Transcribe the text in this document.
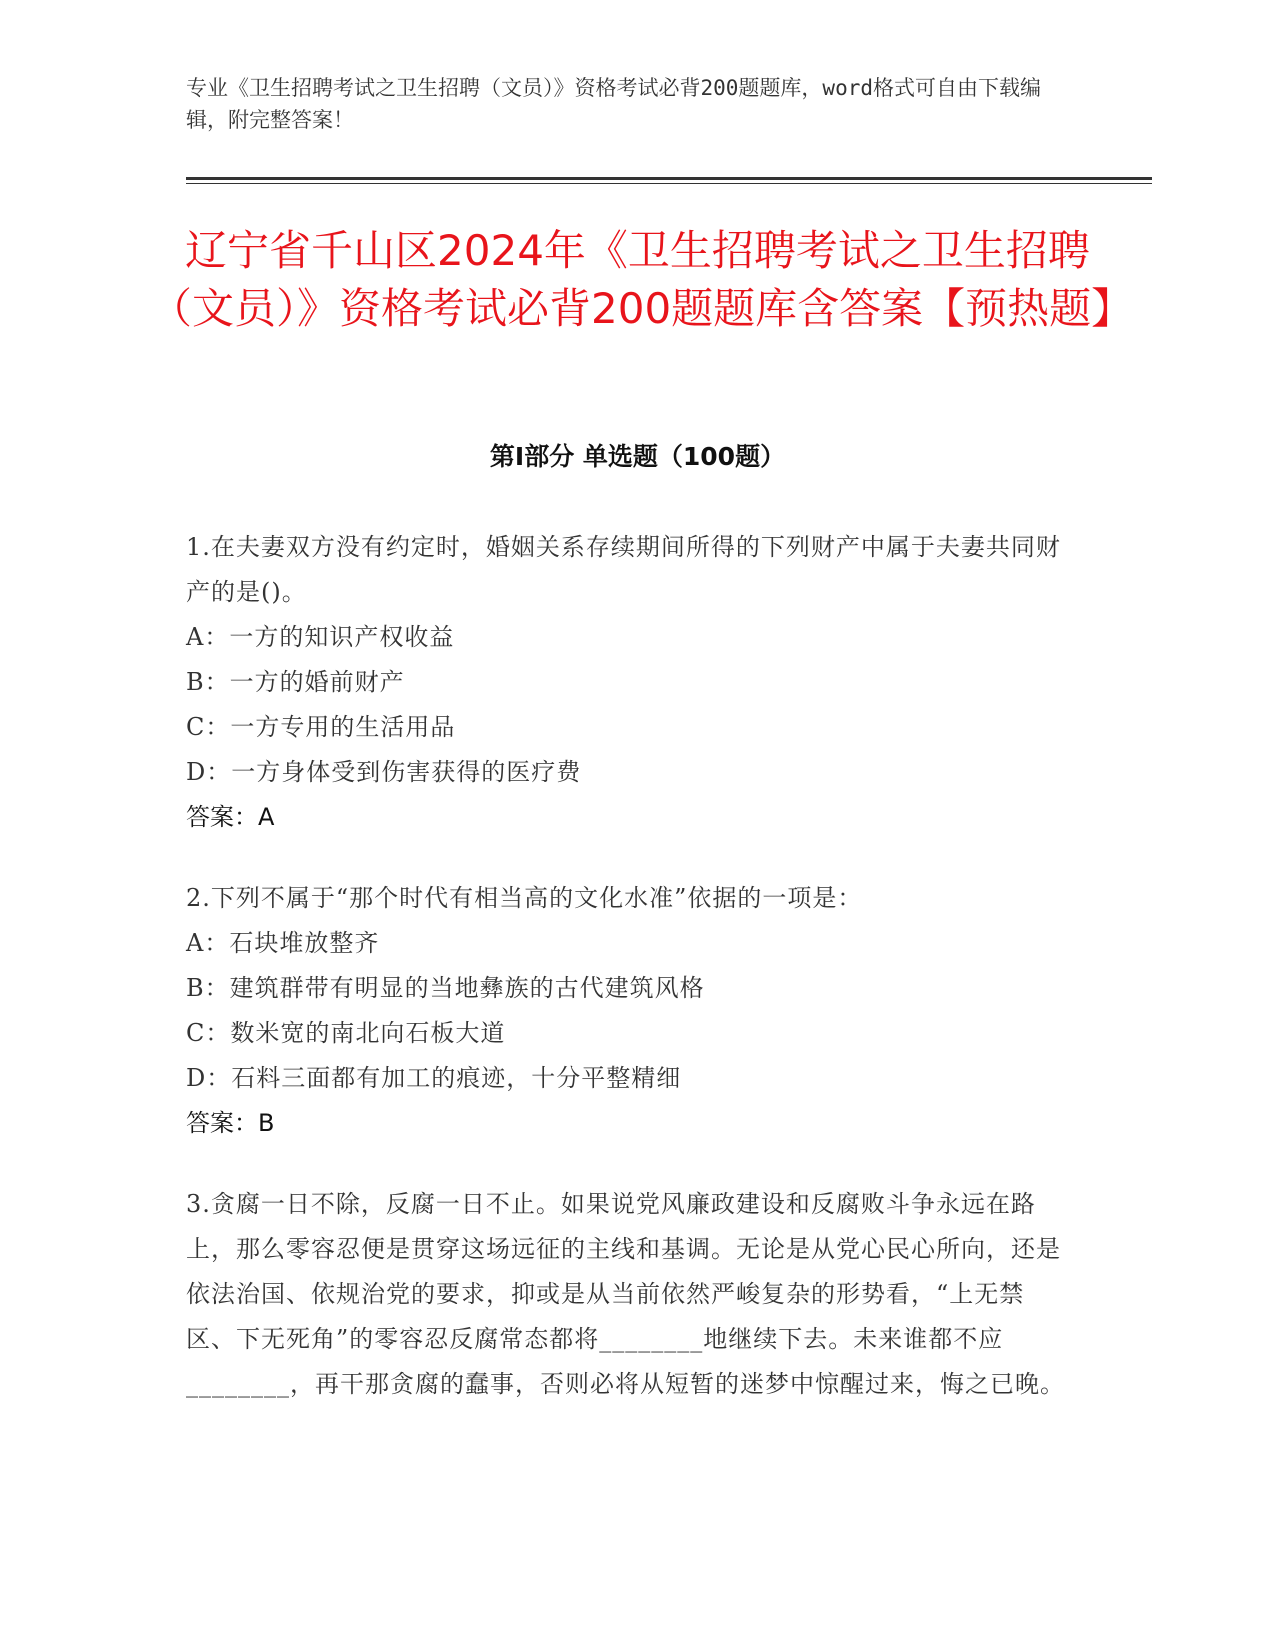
专业《卫生招聘考试之卫生招聘（文员）》资格考试必背200题题库，word格式可自由下载编辑，附完整答案！
辽宁省千山区2024年《卫生招聘考试之卫生招聘（文员）》资格考试必背200题题库含答案【预热题】
第Ⅰ部分 单选题（100题）

1.在夫妻双方没有约定时，婚姻关系存续期间所得的下列财产中属于夫妻共同财产的是()。

A：一方的知识产权收益

B：一方的婚前财产

C：一方专用的生活用品

D：一方身体受到伤害获得的医疗费

答案：A

2.下列不属于“那个时代有相当高的文化水准”依据的一项是：

A：石块堆放整齐

B：建筑群带有明显的当地彝族的古代建筑风格

C：数米宽的南北向石板大道

D：石料三面都有加工的痕迹，十分平整精细

答案：B

3.贪腐一日不除，反腐一日不止。如果说党风廉政建设和反腐败斗争永远在路上，那么零容忍便是贯穿这场远征的主线和基调。无论是从党心民心所向，还是依法治国、依规治党的要求，抑或是从当前依然严峻复杂的形势看，“上无禁区、下无死角”的零容忍反腐常态都将________地继续下去。未来谁都不应________，再干那贪腐的蠢事，否则必将从短暂的迷梦中惊醒过来，悔之已晚。
